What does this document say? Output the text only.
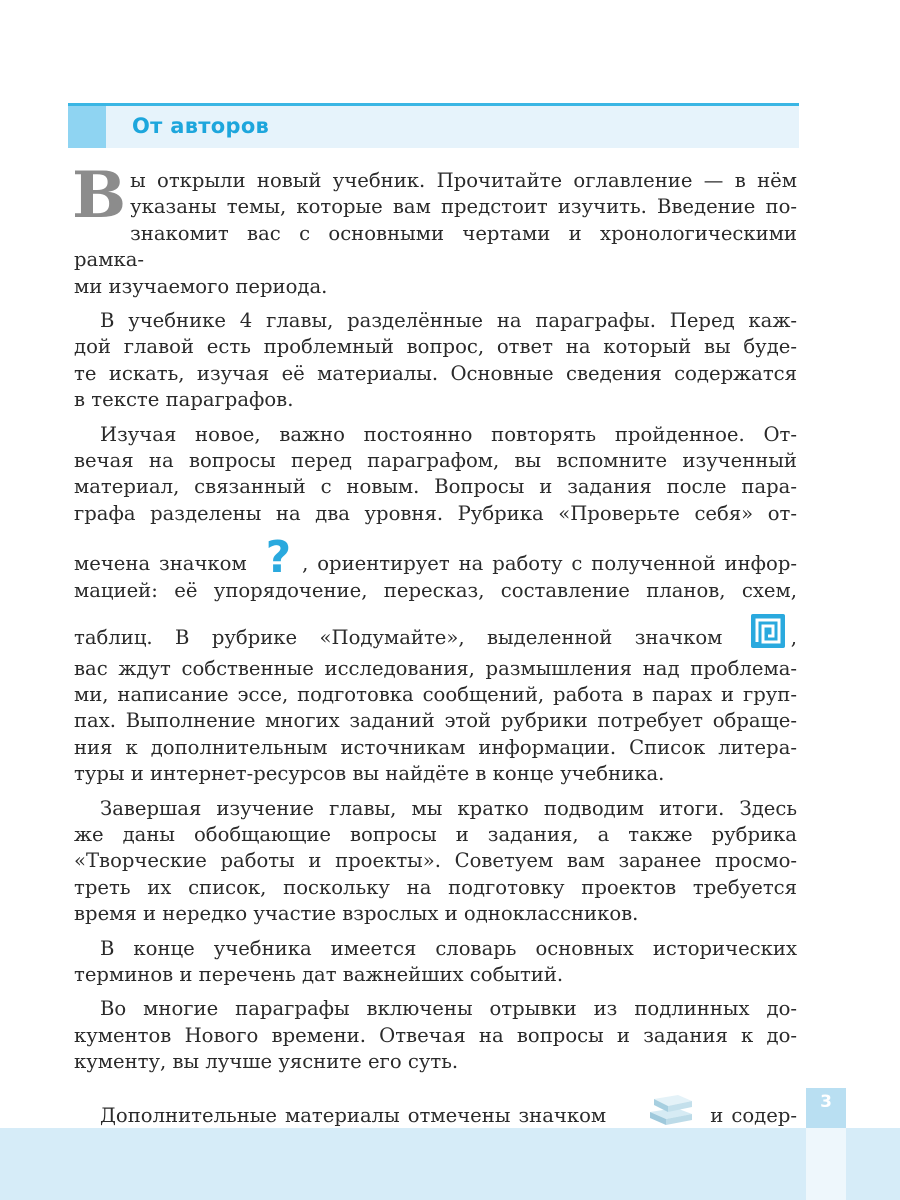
От авторов

В ы открыли новый учебник. Прочитайте оглавление — в нём
указаны темы, которые вам предстоит изучить. Введение по-
знакомит вас с основными чертами и хронологическими рамка-
ми изучаемого периода.

В учебнике 4 главы, разделённые на параграфы. Перед каж-
дой главой есть проблемный вопрос, ответ на который вы буде-
те искать, изучая её материалы. Основные сведения содержатся
в тексте параграфов.

Изучая новое, важно постоянно повторять пройденное. От-
вечая на вопросы перед параграфом, вы вспомните изученный
материал, связанный с новым. Вопросы и задания после пара-
графа разделены на два уровня. Рубрика «Проверьте себя» от-
мечена значком ? , ориентирует на работу с полученной инфор-
мацией: её упорядочение, пересказ, составление планов, схем,
таблиц. В рубрике «Подумайте», выделенной значком	,
вас ждут собственные исследования, размышления над проблема-
ми, написание эссе, подготовка сообщений, работа в парах и груп-
пах. Выполнение многих заданий этой рубрики потребует обраще-
ния к дополнительным источникам информации. Список литера-
туры и интернет-ресурсов вы найдёте в конце учебника.

Завершая изучение главы, мы кратко подводим итоги. Здесь
же даны обобщающие вопросы и задания, а также рубрика
«Творческие работы и проекты». Советуем вам заранее просмо-
треть их список, поскольку на подготовку проектов требуется
время и нередко участие взрослых и одноклассников.

В конце учебника имеется словарь основных исторических
терминов и перечень дат важнейших событий.

Во многие параграфы включены отрывки из подлинных до-
кументов Нового времени. Отвечая на вопросы и задания к до-
кументу, вы лучше уясните его суть.

Дополнительные материалы отмечены значком	и содер-

3
